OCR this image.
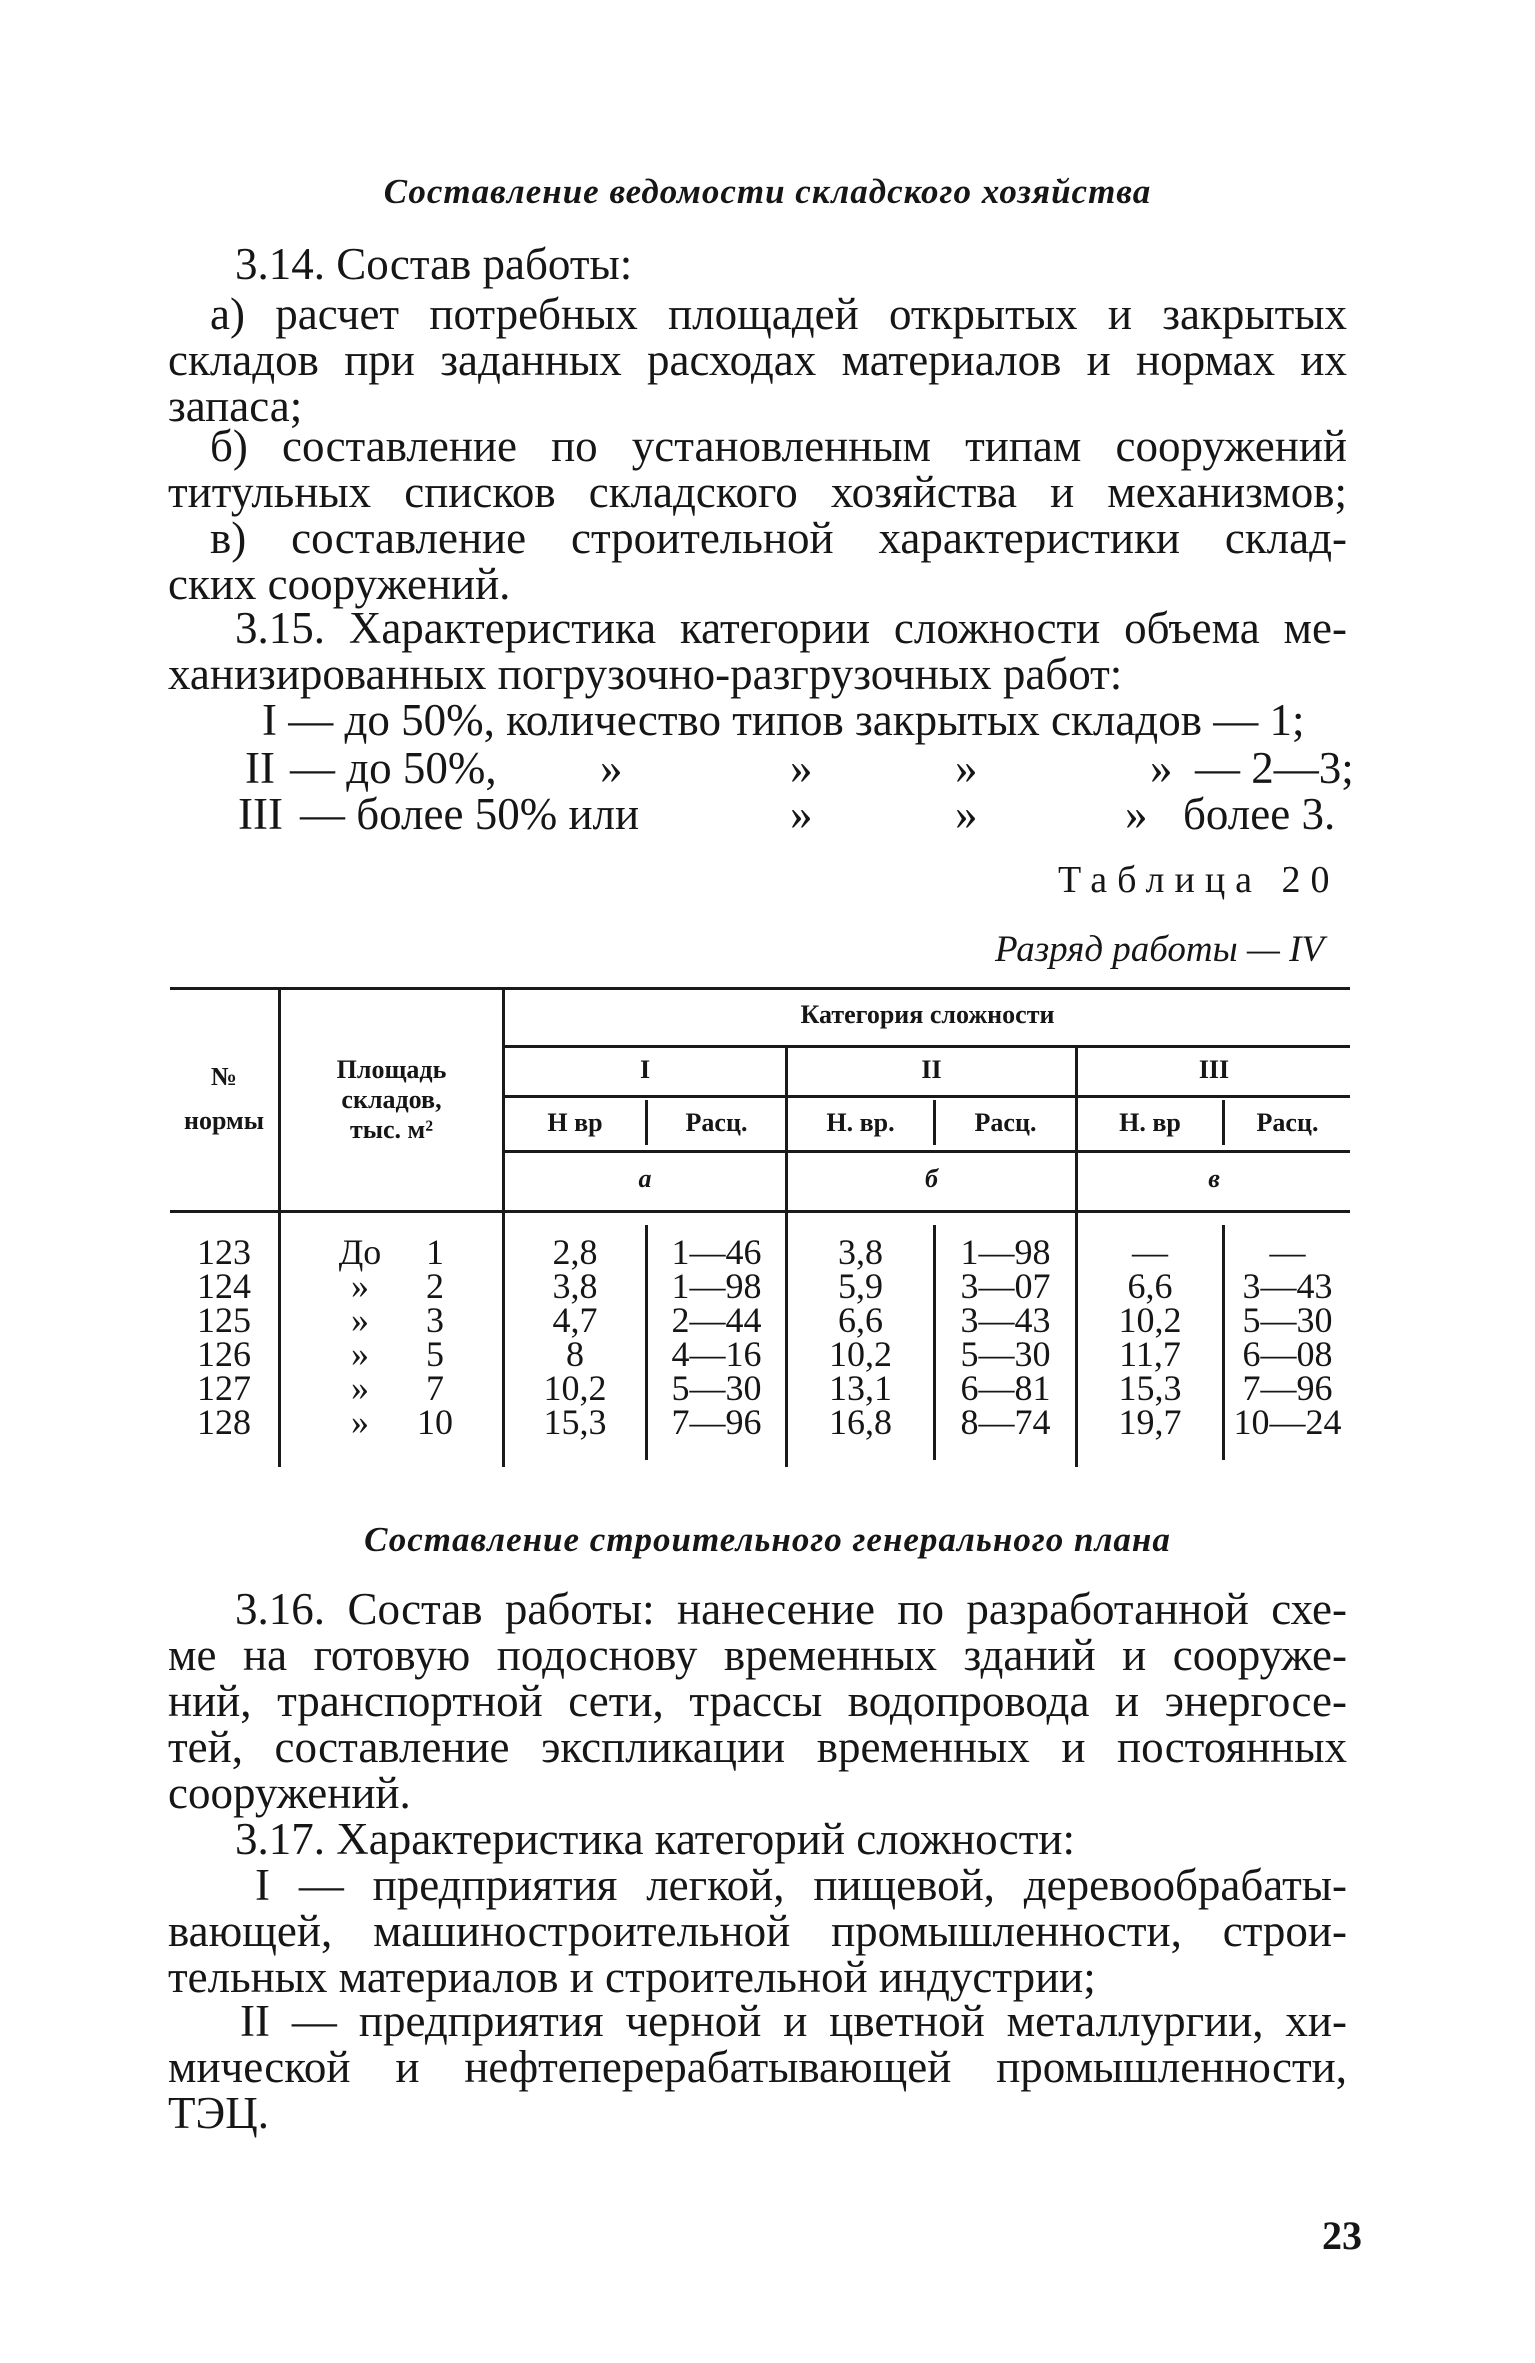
Составление ведомости складского хозяйства
3.14. Состав работы:
а) расчет потребных площадей открытых и закрытых
складов при заданных расходах материалов и нормах их
запаса;
б) составление по установленным типам сооружений
титульных списков складского хозяйства и механизмов;
в) составление строительной характеристики склад-
ских сооружений.
3.15. Характеристика категории сложности объема ме-
ханизированных погрузочно-разгрузочных работ:
I — до 50%, количество типов закрытых складов — 1;
II — до 50%, »	»	»	» — 2—3;
III — более 50% или	»	»	» более 3.
Таблица 20
Разряд работы — IV
№
нормы
Площадь
складов,
тыс. м²
Категория сложности
I	II	III
Н вр	Расц.	Н. вр.	Расц.	Н. вр	Расц.
а	б	в
123	До	1	2,8	1—46	3,8	1—98	—	—
124	»	2	3,8	1—98	5,9	3—07	6,6	3—43
125	»	3	4,7	2—44	6,6	3—43	10,2	5—30
126	»	5	8	4—16	10,2	5—30	11,7	6—08
127	»	7	10,2	5—30	13,1	6—81	15,3	7—96
128	»	10	15,3	7—96	16,8	8—74	19,7	10—24
Составление строительного генерального плана
3.16. Состав работы: нанесение по разработанной схе-
ме на готовую подоснову временных зданий и сооруже-
ний, транспортной сети, трассы водопровода и энергосе-
тей, составление экспликации временных и постоянных
сооружений.
3.17. Характеристика категорий сложности:
I — предприятия легкой, пищевой, деревообрабаты-
вающей, машиностроительной промышленности, строи-
тельных материалов и строительной индустрии;
II — предприятия черной и цветной металлургии, хи-
мической и нефтеперерабатывающей промышленности,
ТЭЦ.
23
